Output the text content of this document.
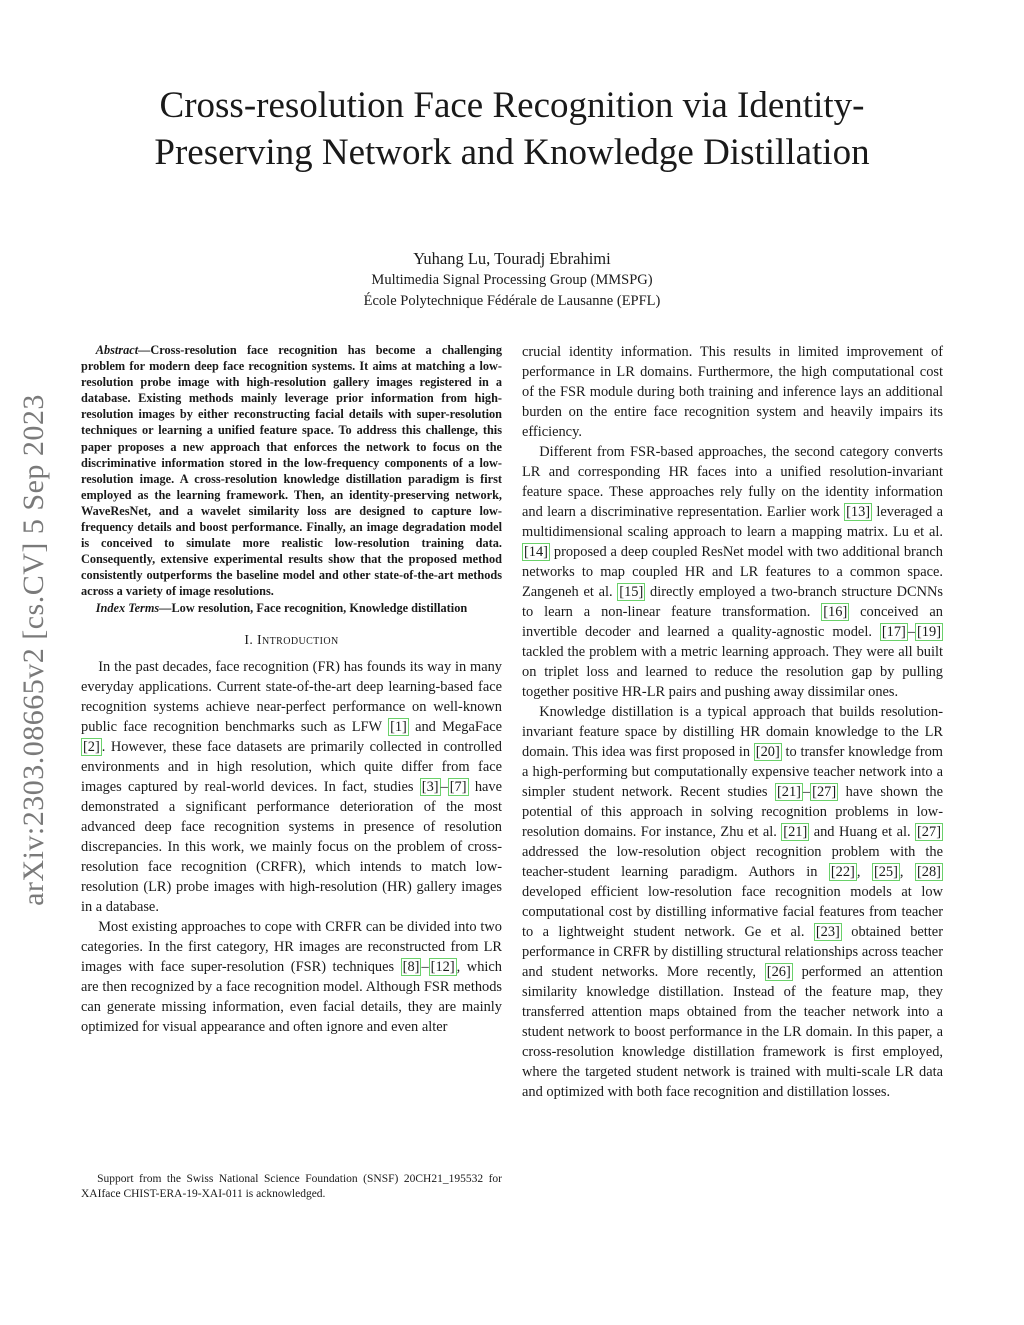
arXiv:2303.08665v2 [cs.CV] 5 Sep 2023
Cross-resolution Face Recognition via Identity-Preserving Network and Knowledge Distillation
Yuhang Lu, Touradj Ebrahimi
Multimedia Signal Processing Group (MMSPG)
École Polytechnique Fédérale de Lausanne (EPFL)

Abstract—Cross-resolution face recognition has become a challenging problem for modern deep face recognition systems. It aims at matching a low-resolution probe image with high-resolution gallery images registered in a database. Existing methods mainly leverage prior information from high-resolution images by either reconstructing facial details with super-resolution techniques or learning a unified feature space. To address this challenge, this paper proposes a new approach that enforces the network to focus on the discriminative information stored in the low-frequency components of a low-resolution image. A cross-resolution knowledge distillation paradigm is first employed as the learning framework. Then, an identity-preserving network, WaveResNet, and a wavelet similarity loss are designed to capture low-frequency details and boost performance. Finally, an image degradation model is conceived to simulate more realistic low-resolution training data. Consequently, extensive experimental results show that the proposed method consistently outperforms the baseline model and other state-of-the-art methods across a variety of image resolutions.

Index Terms—Low resolution, Face recognition, Knowledge distillation

I. Introduction

In the past decades, face recognition (FR) has founds its way in many everyday applications. Current state-of-the-art deep learning-based face recognition systems achieve near-perfect performance on well-known public face recognition benchmarks such as LFW [1] and MegaFace [2] . However, these face datasets are primarily collected in controlled environments and in high resolution, which quite differ from face images captured by real-world devices. In fact, studies [3] – [7] have demonstrated a significant performance deterioration of the most advanced deep face recognition systems in presence of resolution discrepancies. In this work, we mainly focus on the problem of cross-resolution face recognition (CRFR), which intends to match low-resolution (LR) probe images with high-resolution (HR) gallery images in a database.

Most existing approaches to cope with CRFR can be divided into two categories. In the first category, HR images are reconstructed from LR images with face super-resolution (FSR) techniques [8] – [12] , which are then recognized by a face recognition model. Although FSR methods can generate missing information, even facial details, they are mainly optimized for visual appearance and often ignore and even alter

Support from the Swiss National Science Foundation (SNSF) 20CH21_195532 for XAIface CHIST-ERA-19-XAI-011 is acknowledged.

crucial identity information. This results in limited improvement of performance in LR domains. Furthermore, the high computational cost of the FSR module during both training and inference lays an additional burden on the entire face recognition system and heavily impairs its efficiency.

Different from FSR-based approaches, the second category converts LR and corresponding HR faces into a unified resolution-invariant feature space. These approaches rely fully on the identity information and learn a discriminative representation. Earlier work [13] leveraged a multidimensional scaling approach to learn a mapping matrix. Lu et al. [14] proposed a deep coupled ResNet model with two additional branch networks to map coupled HR and LR features to a common space. Zangeneh et al. [15] directly employed a two-branch structure DCNNs to learn a non-linear feature transformation. [16] conceived an invertible decoder and learned a quality-agnostic model. [17] – [19] tackled the problem with a metric learning approach. They were all built on triplet loss and learned to reduce the resolution gap by pulling together positive HR-LR pairs and pushing away dissimilar ones.

Knowledge distillation is a typical approach that builds resolution-invariant feature space by distilling HR domain knowledge to the LR domain. This idea was first proposed in [20] to transfer knowledge from a high-performing but computationally expensive teacher network into a simpler student network. Recent studies [21] – [27] have shown the potential of this approach in solving recognition problems in low-resolution domains. For instance, Zhu et al. [21] and Huang et al. [27] addressed the low-resolution object recognition problem with the teacher-student learning paradigm. Authors in [22] , [25] , [28] developed efficient low-resolution face recognition models at low computational cost by distilling informative facial features from teacher to a lightweight student network. Ge et al. [23] obtained better performance in CRFR by distilling structural relationships across teacher and student networks. More recently, [26] performed an attention similarity knowledge distillation. Instead of the feature map, they transferred attention maps obtained from the teacher network into a student network to boost performance in the LR domain. In this paper, a cross-resolution knowledge distillation framework is first employed, where the targeted student network is trained with multi-scale LR data and optimized with both face recognition and distillation losses.
